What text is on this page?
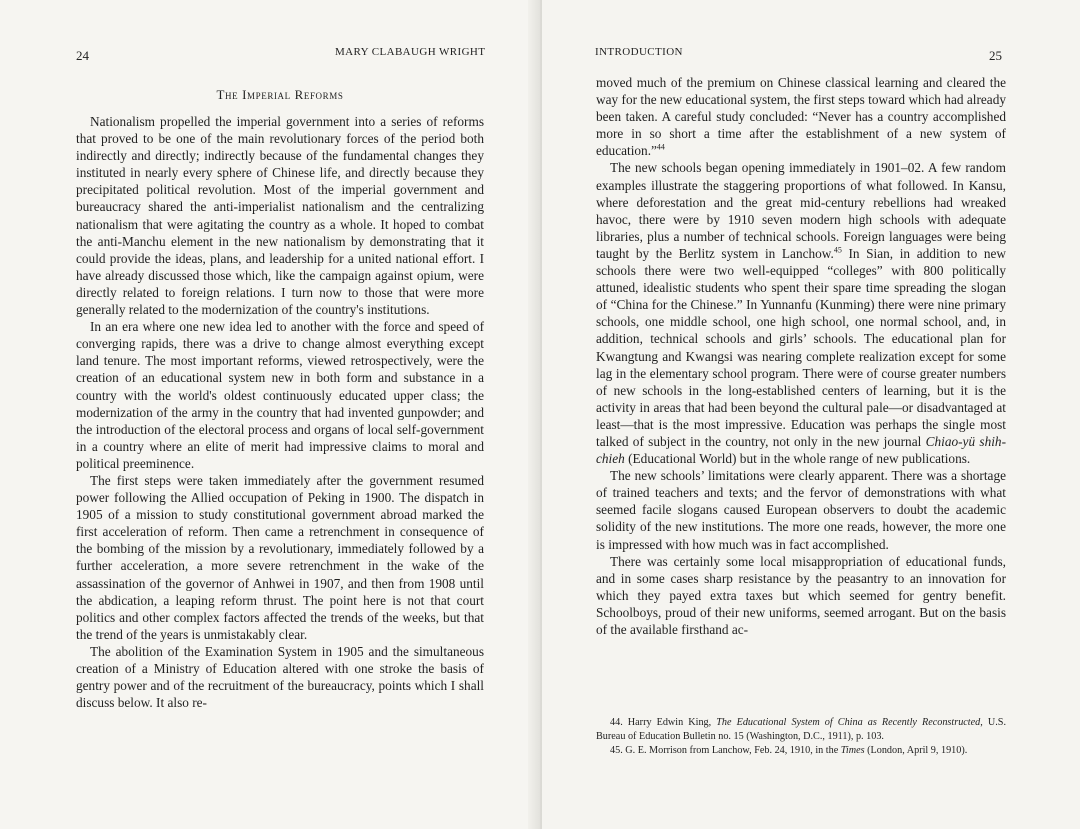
24	MARY CLABAUGH WRIGHT
The Imperial Reforms

Nationalism propelled the imperial government into a series of reforms that proved to be one of the main revolutionary forces of the period both indirectly and directly; indirectly because of the fundamental changes they instituted in nearly every sphere of Chinese life, and directly because they precipitated political revolution. Most of the imperial government and bureaucracy shared the anti-imperialist nationalism and the centralizing nationalism that were agitating the country as a whole. It hoped to combat the anti-Manchu element in the new nationalism by demonstrating that it could provide the ideas, plans, and leadership for a united national effort. I have already discussed those which, like the campaign against opium, were directly related to foreign relations. I turn now to those that were more generally related to the modernization of the country's institutions.

In an era where one new idea led to another with the force and speed of converging rapids, there was a drive to change almost everything except land tenure. The most important reforms, viewed retrospectively, were the creation of an educational system new in both form and substance in a country with the world's oldest continuously educated upper class; the modernization of the army in the country that had invented gunpowder; and the introduction of the electoral process and organs of local self-government in a country where an elite of merit had impressive claims to moral and political preeminence.

The first steps were taken immediately after the government resumed power following the Allied occupation of Peking in 1900. The dispatch in 1905 of a mission to study constitutional government abroad marked the first acceleration of reform. Then came a retrenchment in consequence of the bombing of the mission by a revolutionary, immediately followed by a further acceleration, a more severe retrenchment in the wake of the assassination of the governor of Anhwei in 1907, and then from 1908 until the abdication, a leaping reform thrust. The point here is not that court politics and other complex factors affected the trends of the weeks, but that the trend of the years is unmistakably clear.

The abolition of the Examination System in 1905 and the simultaneous creation of a Ministry of Education altered with one stroke the basis of gentry power and of the recruitment of the bureaucracy, points which I shall discuss below. It also re-

INTRODUCTION	25

moved much of the premium on Chinese classical learning and cleared the way for the new educational system, the first steps toward which had already been taken. A careful study concluded: “Never has a country accomplished more in so short a time after the establishment of a new system of education.”$^{44}$

The new schools began opening immediately in 1901–02. A few random examples illustrate the staggering proportions of what followed. In Kansu, where deforestation and the great mid-century rebellions had wreaked havoc, there were by 1910 seven modern high schools with adequate libraries, plus a number of technical schools. Foreign languages were being taught by the Berlitz system in Lanchow.$^{45}$ In Sian, in addition to new schools there were two well-equipped “colleges” with 800 politically attuned, idealistic students who spent their spare time spreading the slogan of “China for the Chinese.” In Yunnanfu (Kunming) there were nine primary schools, one middle school, one high school, one normal school, and, in addition, technical schools and girls’ schools. The educational plan for Kwangtung and Kwangsi was nearing complete realization except for some lag in the elementary school program. There were of course greater numbers of new schools in the long-established centers of learning, but it is the activity in areas that had been beyond the cultural pale—or disadvantaged at least—that is the most impressive. Education was perhaps the single most talked of subject in the country, not only in the new journal Chiao-yü shih-chieh (Educational World) but in the whole range of new publications.

The new schools’ limitations were clearly apparent. There was a shortage of trained teachers and texts; and the fervor of demonstrations with what seemed facile slogans caused European observers to doubt the academic solidity of the new institutions. The more one reads, however, the more one is impressed with how much was in fact accomplished.

There was certainly some local misappropriation of educational funds, and in some cases sharp resistance by the peasantry to an innovation for which they payed extra taxes but which seemed for gentry benefit. Schoolboys, proud of their new uniforms, seemed arrogant. But on the basis of the available firsthand ac-

44. Harry Edwin King, The Educational System of China as Recently Reconstructed, U.S. Bureau of Education Bulletin no. 15 (Washington, D.C., 1911), p. 103.

45. G. E. Morrison from Lanchow, Feb. 24, 1910, in the Times (London, April 9, 1910).
